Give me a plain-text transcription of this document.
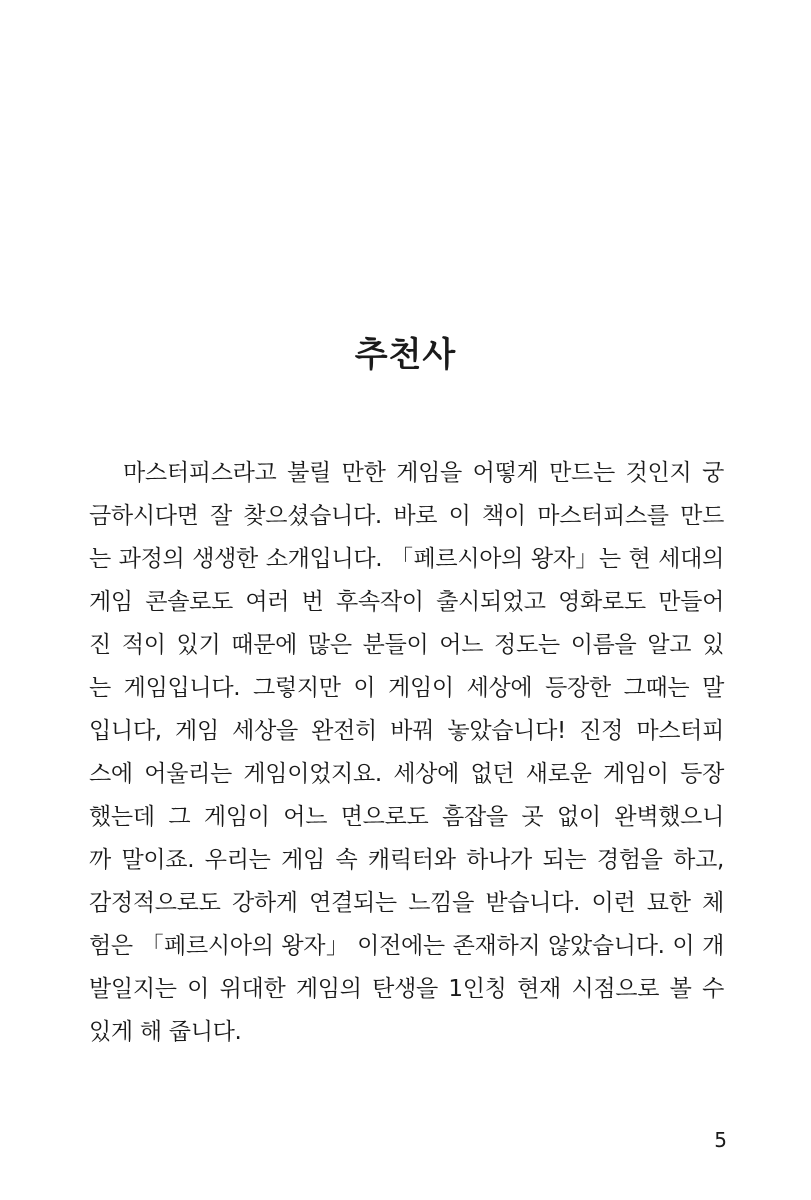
추천사
마스터피스라고 불릴 만한 게임을 어떻게 만드는 것인지 궁
금하시다면 잘 찾으셨습니다. 바로 이 책이 마스터피스를 만드
는 과정의 생생한 소개입니다. 「페르시아의 왕자」는 현 세대의
게임 콘솔로도 여러 번 후속작이 출시되었고 영화로도 만들어
진 적이 있기 때문에 많은 분들이 어느 정도는 이름을 알고 있
는 게임입니다. 그렇지만 이 게임이 세상에 등장한 그때는 말
입니다, 게임 세상을 완전히 바꿔 놓았습니다! 진정 마스터피
스에 어울리는 게임이었지요. 세상에 없던 새로운 게임이 등장
했는데 그 게임이 어느 면으로도 흠잡을 곳 없이 완벽했으니
까 말이죠. 우리는 게임 속 캐릭터와 하나가 되는 경험을 하고,
감정적으로도 강하게 연결되는 느낌을 받습니다. 이런 묘한 체
험은 「페르시아의 왕자」 이전에는 존재하지 않았습니다. 이 개
발일지는 이 위대한 게임의 탄생을 1인칭 현재 시점으로 볼 수
있게 해 줍니다.
5
